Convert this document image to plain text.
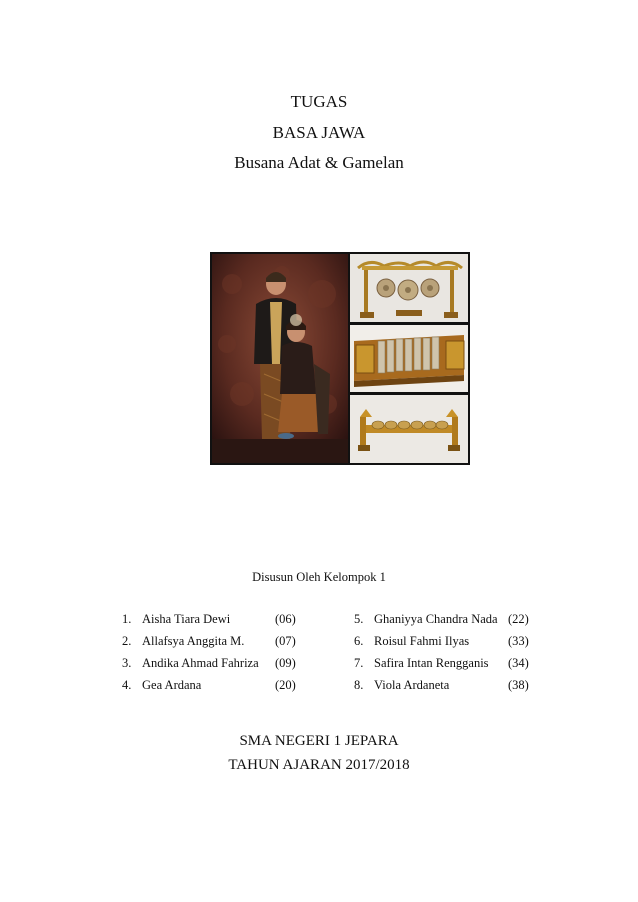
TUGAS
BASA JAWA
Busana Adat & Gamelan
Disusun Oleh Kelompok 1
1. Aisha Tiara Dewi	(06)
2. Allafsya Anggita M. (07)
3. Andika Ahmad Fahriza (09)
4. Gea Ardana	(20)
5. Ghaniyya Chandra Nada (22)
6. Roisul Fahmi Ilyas	(33)
7. Safira Intan Rengganis (34)
8. Viola Ardaneta	(38)
SMA NEGERI 1 JEPARA
TAHUN AJARAN 2017/2018
